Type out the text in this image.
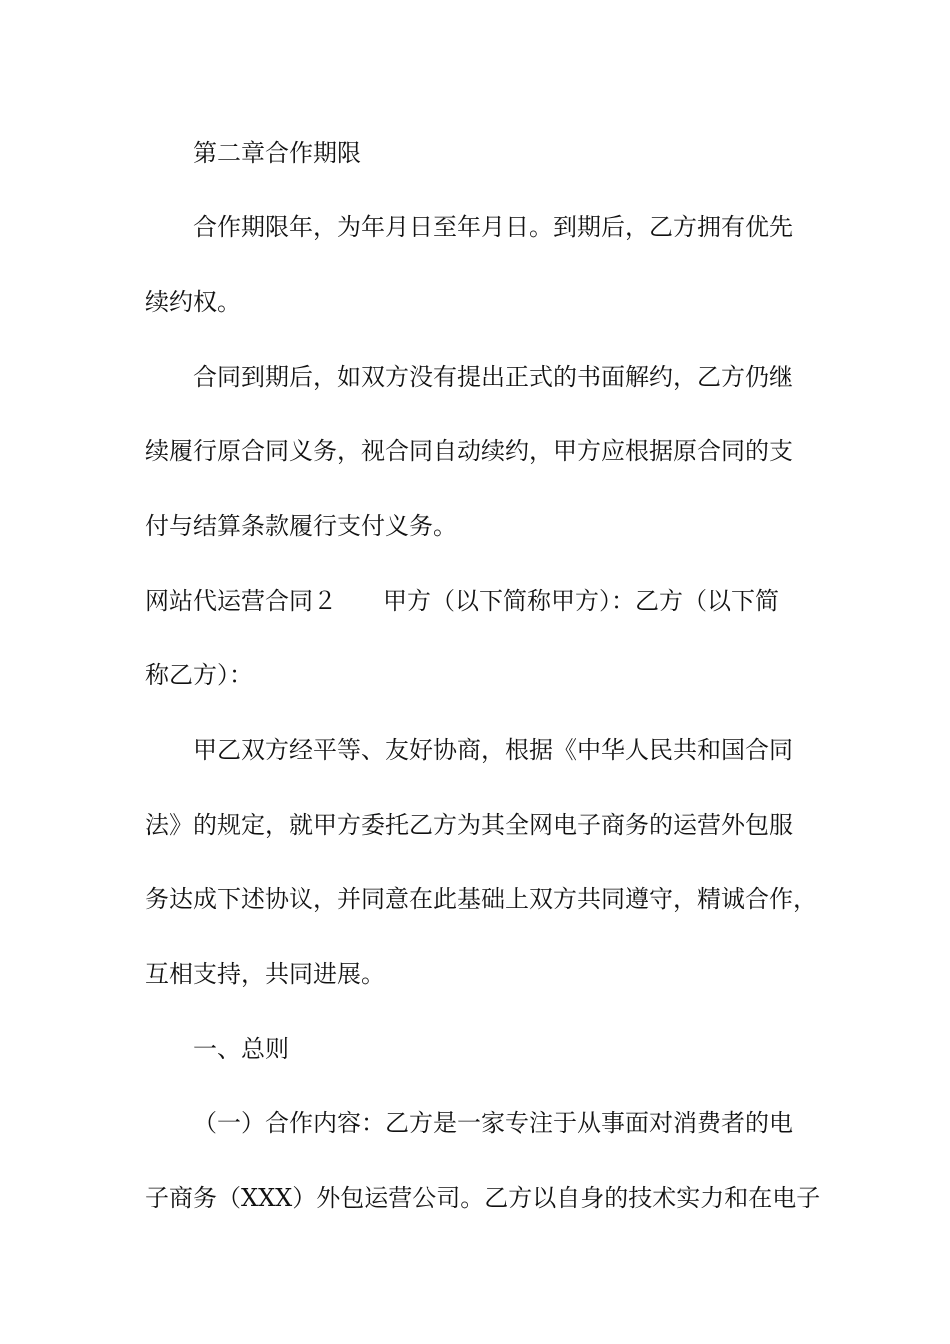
第二章合作期限
合作期限年，为年月日至年月日。到期后，乙方拥有优先
续约权。
合同到期后，如双方没有提出正式的书面解约，乙方仍继
续履行原合同义务，视合同自动续约，甲方应根据原合同的支
付与结算条款履行支付义务。
网站代运营合同２ 甲方（以下简称甲方）：乙方（以下简
称乙方）：
甲乙双方经平等、友好协商，根据《中华人民共和国合同
法》的规定，就甲方委托乙方为其全网电子商务的运营外包服
务达成下述协议，并同意在此基础上双方共同遵守，精诚合作，
互相支持，共同进展。
一、总则
（一）合作内容：乙方是一家专注于从事面对消费者的电
子商务（XXX）外包运营公司。乙方以自身的技术实力和在电子
